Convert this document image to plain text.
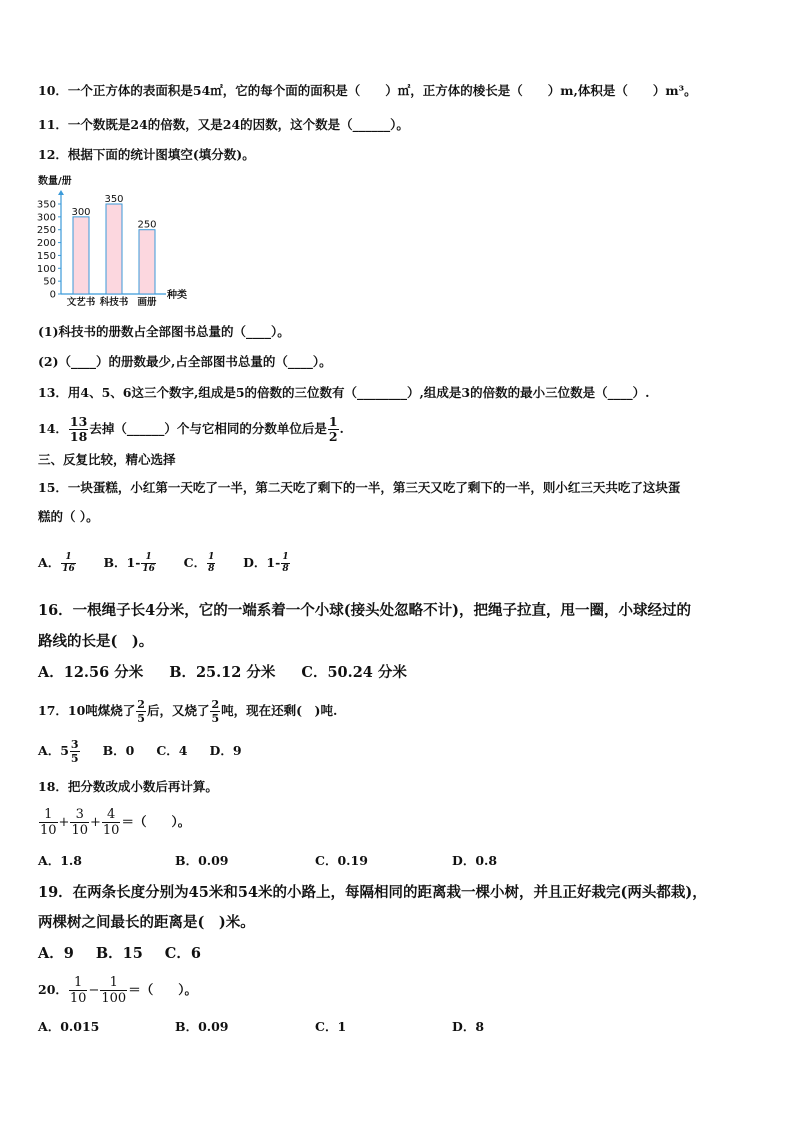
10．一个正方体的表面积是54㎡，它的每个面的面积是（　　）㎡，正方体的棱长是（　　）m,体积是（　　）m³。
11．一个数既是24的倍数，又是24的因数，这个数是（______）。
12．根据下面的统计图填空(填分数)。
数量/册
0
50
100
150
200
250
300
350
300
文艺书
350
科技书
250
画册
种类
(1)科技书的册数占全部图书总量的（____）。
(2)（____）的册数最少,占全部图书总量的（____）。
13．用4、5、6这三个数字,组成是5的倍数的三位数有（________）,组成是3的倍数的最小三位数是（____）.
14． $\frac{13}{18}$ 去掉（______）个与它相同的分数单位后是 $\frac{1}{2}$ .
三、反复比较，精心选择
15．一块蛋糕，小红第一天吃了一半，第二天吃了剩下的一半，第三天又吃了剩下的一半，则小红三天共吃了这块蛋
糕的（ ）。
A． $\frac{1}{16}$ B．$1- \frac{1}{16}$ C． $\frac{1}{8}$ D．$1- \frac{1}{8}$
16．一根绳子长4分米，它的一端系着一个小球(接头处忽略不计)，把绳子拉直，甩一圈，小球经过的
路线的长是(　)。
A．12.56 分米 B．25.12 分米 C．50.24 分米
17．10吨煤烧了 $\frac{2}{5}$ 后，又烧了 $\frac{2}{5}$ 吨，现在还剩(　)吨.
A．$5 \frac{3}{5}$ B．0 C．4 D．9
18．把分数改成小数后再计算。
$\frac{1}{10} + \frac{3}{10} + \frac{4}{10}$ ＝（　　）。
A．1.8	B．0.09	C．0.19	D．0.8
19．在两条长度分别为45米和54米的小路上，每隔相同的距离栽一棵小树，并且正好栽完(两头都栽)，
两棵树之间最长的距离是(　)米。
A．9 B．15 C．6
20． $\frac{1}{10} - \frac{1}{100}$ ＝（　　）。
A．0.015	B．0.09	C．1	D．8
